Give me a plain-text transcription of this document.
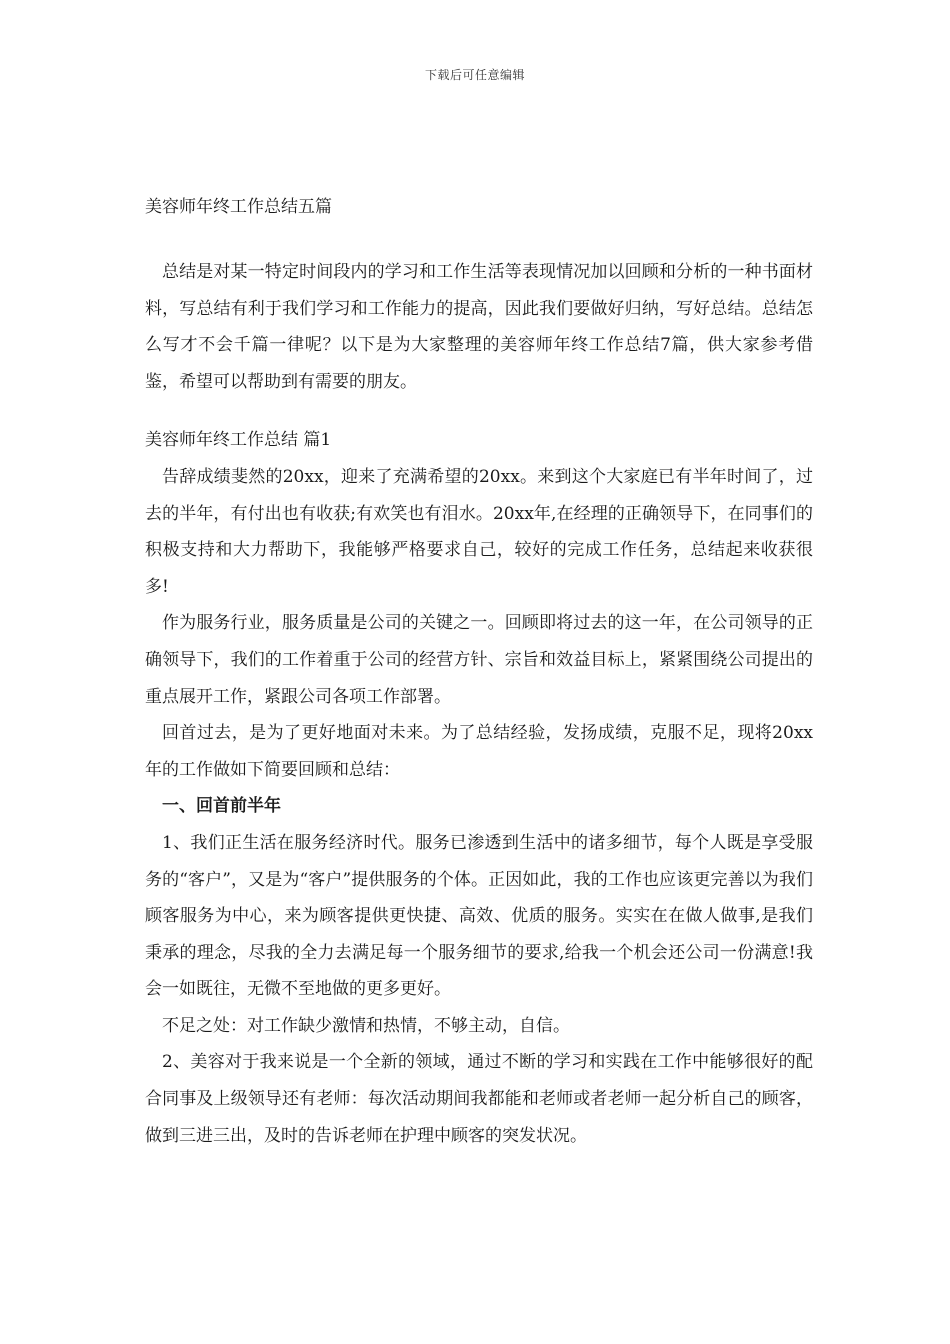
下载后可任意编辑
美容师年终工作总结五篇

总结是对某一特定时间段内的学习和工作生活等表现情况加以回顾和分析的一种书面材料，写总结有利于我们学习和工作能力的提高，因此我们要做好归纳，写好总结。总结怎么写才不会千篇一律呢？以下是为大家整理的美容师年终工作总结7篇，供大家参考借鉴，希望可以帮助到有需要的朋友。

美容师年终工作总结 篇1

告辞成绩斐然的20xx，迎来了充满希望的20xx。来到这个大家庭已有半年时间了，过去的半年，有付出也有收获;有欢笑也有泪水。20xx年,在经理的正确领导下，在同事们的积极支持和大力帮助下，我能够严格要求自己，较好的完成工作任务，总结起来收获很多!

作为服务行业，服务质量是公司的关键之一。回顾即将过去的这一年，在公司领导的正确领导下，我们的工作着重于公司的经营方针、宗旨和效益目标上，紧紧围绕公司提出的重点展开工作，紧跟公司各项工作部署。

回首过去，是为了更好地面对未来。为了总结经验，发扬成绩，克服不足，现将20xx年的工作做如下简要回顾和总结：

一、回首前半年

1、我们正生活在服务经济时代。服务已渗透到生活中的诸多细节，每个人既是享受服务的“客户”，又是为“客户”提供服务的个体。正因如此，我的工作也应该更完善以为我们顾客服务为中心，来为顾客提供更快捷、高效、优质的服务。实实在在做人做事,是我们秉承的理念，尽我的全力去满足每一个服务细节的要求,给我一个机会还公司一份满意!我会一如既往，无微不至地做的更多更好。

不足之处：对工作缺少激情和热情，不够主动，自信。

2、美容对于我来说是一个全新的领域，通过不断的学习和实践在工作中能够很好的配合同事及上级领导还有老师：每次活动期间我都能和老师或者老师一起分析自己的顾客，做到三进三出，及时的告诉老师在护理中顾客的突发状况。
